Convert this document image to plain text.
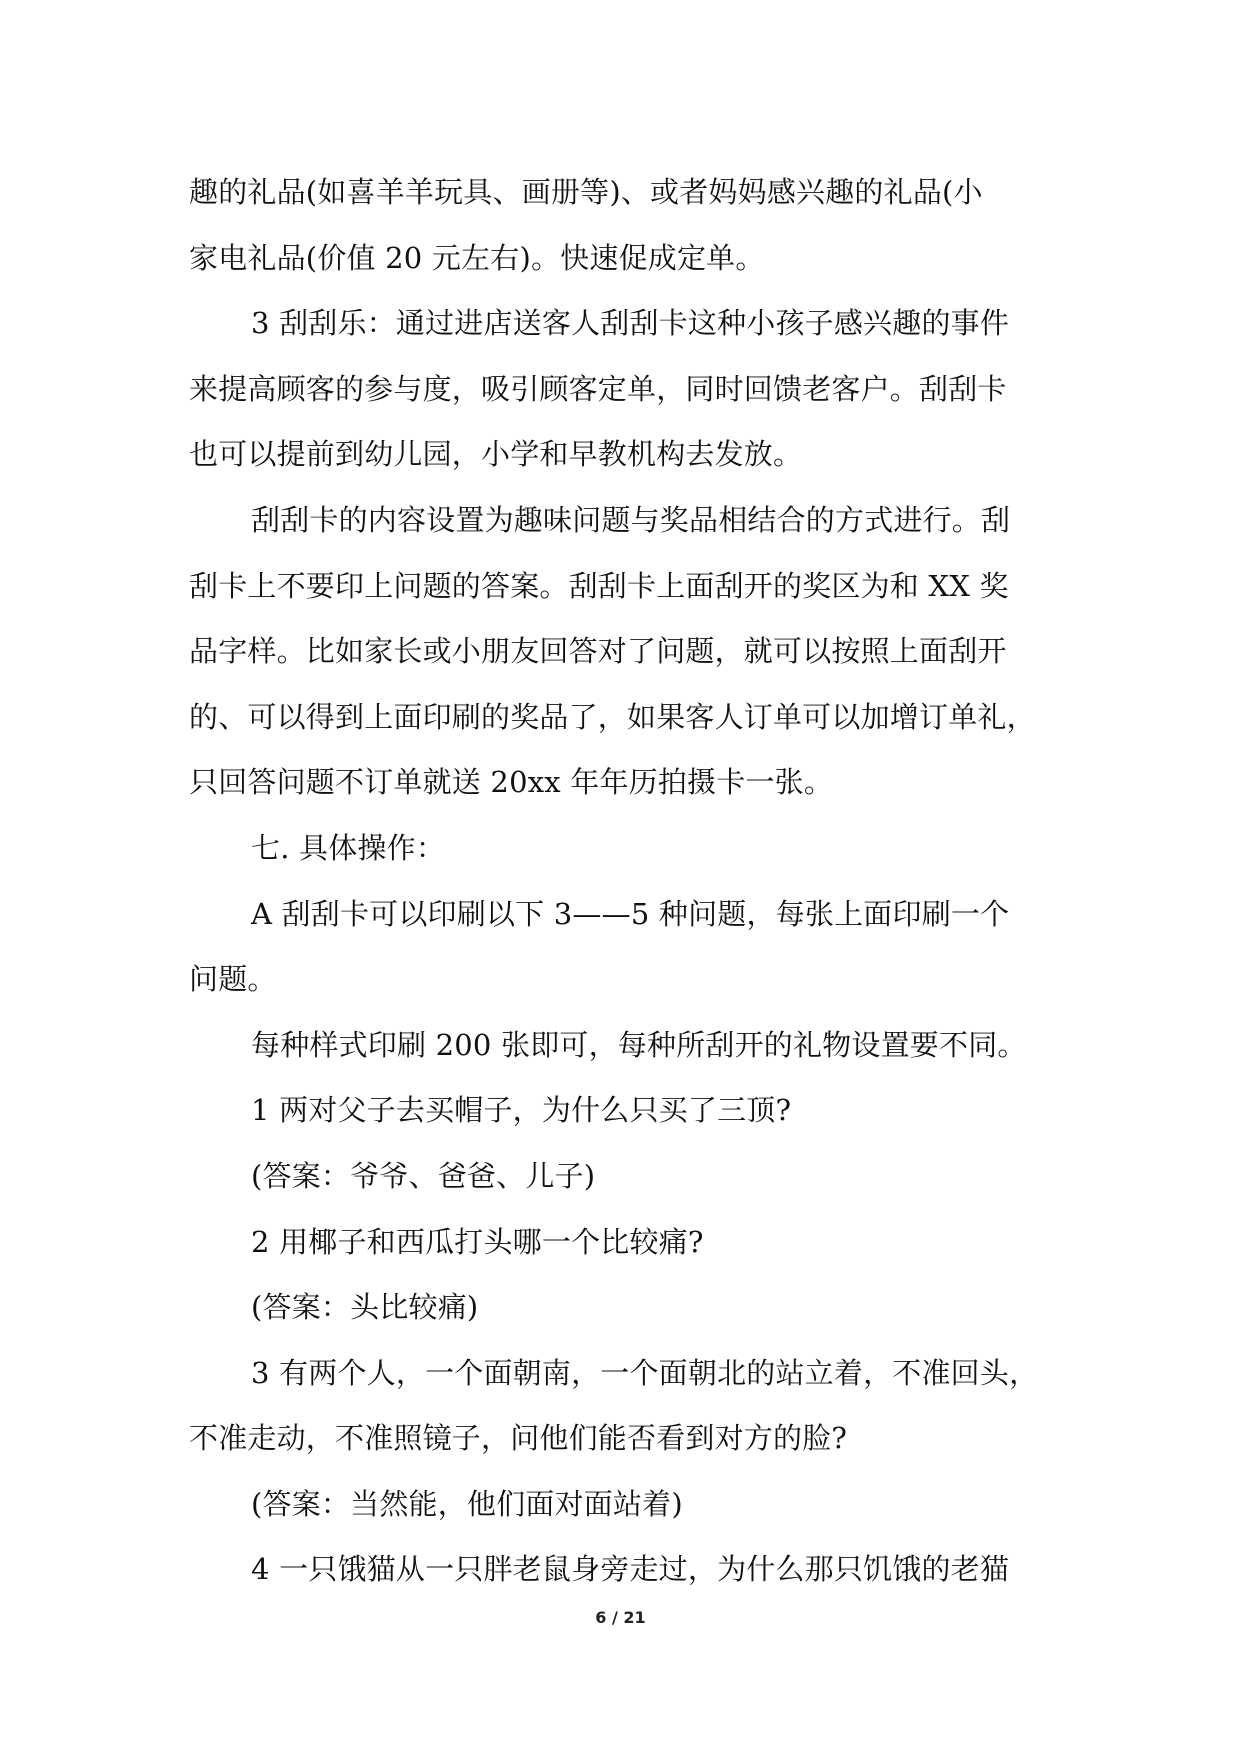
趣的礼品(如喜羊羊玩具、画册等)、或者妈妈感兴趣的礼品(小
家电礼品(价值 20 元左右)。快速促成定单。
3 刮刮乐：通过进店送客人刮刮卡这种小孩子感兴趣的事件
来提高顾客的参与度，吸引顾客定单，同时回馈老客户。刮刮卡
也可以提前到幼儿园，小学和早教机构去发放。
刮刮卡的内容设置为趣味问题与奖品相结合的方式进行。刮
刮卡上不要印上问题的答案。刮刮卡上面刮开的奖区为和 XX 奖
品字样。比如家长或小朋友回答对了问题，就可以按照上面刮开
的、可以得到上面印刷的奖品了，如果客人订单可以加增订单礼，
只回答问题不订单就送 20xx 年年历拍摄卡一张。
七. 具体操作：
A 刮刮卡可以印刷以下 3——5 种问题，每张上面印刷一个
问题。
每种样式印刷 200 张即可，每种所刮开的礼物设置要不同。
1 两对父子去买帽子，为什么只买了三顶?
(答案：爷爷、爸爸、儿子)
2 用椰子和西瓜打头哪一个比较痛?
(答案：头比较痛)
3 有两个人，一个面朝南，一个面朝北的站立着，不准回头，
不准走动，不准照镜子，问他们能否看到对方的脸?
(答案：当然能，他们面对面站着)
4 一只饿猫从一只胖老鼠身旁走过，为什么那只饥饿的老猫
6 / 21
